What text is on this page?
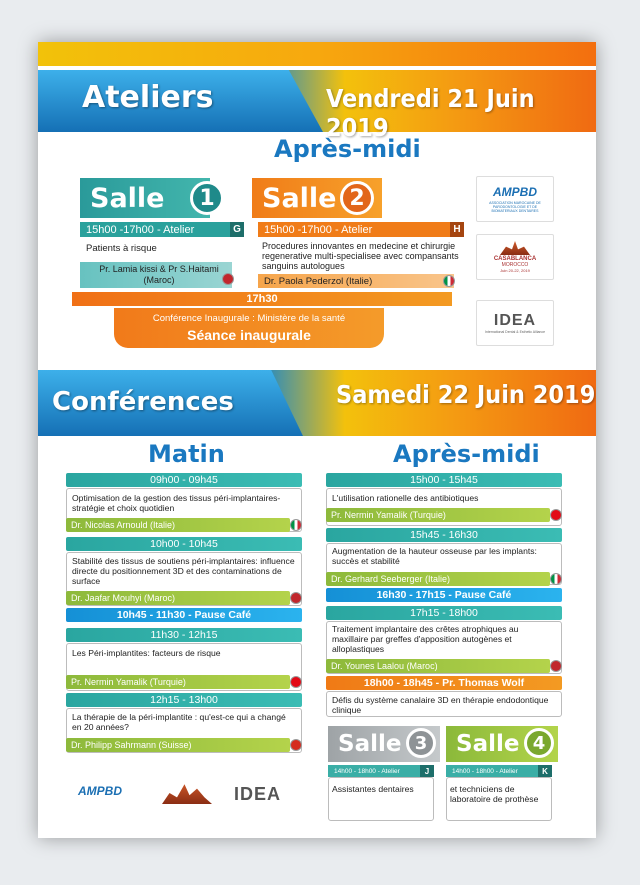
Ateliers	Vendredi 21 Juin 2019
Après-midi
Salle	1
15h00 -17h00 - Atelier	G
Patients à risque
Pr. Lamia kissi & Pr S.Haitami (Maroc)
Salle 2
15h00 -17h00 - Atelier	H
Procedures innovantes en medecine et chirurgie regenerative multi-specialisee avec compansants sanguins autologues
Dr. Paola Pederzol (Italie)
17h30
Conférence Inaugurale : Ministère de la santé
Séance inaugurale
AMPBD
ASSOCIATION MAROCAINE DE PARODONTOLOGIE ET DE BIOMATERIAUX DENTAIRES
CASABLANCA
MOROCCO
Juin 20-22, 2019
IDEA
International Dental & Esthetic Alliance
Conférences	Samedi 22 Juin 2019
Matin
09h00 - 09h45
Optimisation de la gestion des tissus péri-implantaires- stratégie et choix quotidien
Dr. Nicolas Arnould (Italie)
10h00 - 10h45
Stabilité des tissus de soutiens péri-implantaires: influence directe du positionnement 3D et des contaminations de surface
Dr. Jaafar Mouhyi (Maroc)
10h45 - 11h30 - Pause Café
11h30 - 12h15
Les Péri-implantites: facteurs de risque
Pr. Nermin Yamalik (Turquie)
12h15 - 13h00
La thérapie de la péri-implantite : qu'est-ce qui a changé en 20 années?
Dr. Philipp Sahrmann (Suisse)
AMPBD	IDEA
Après-midi
15h00 - 15h45
L'utilisation rationelle des antibiotiques
Pr. Nermin Yamalik (Turquie)
15h45 - 16h30
Augmentation de la hauteur osseuse par les implants: succès et stabilité
Dr. Gerhard Seeberger (Italie)
16h30 - 17h15 - Pause Café
17h15 - 18h00
Traitement implantaire des crêtes atrophiques au maxillaire par greffes d'apposition autogènes et alloplastiques
Dr. Younes Laalou (Maroc)
18h00 - 18h45 - Pr. Thomas Wolf
Défis du système canalaire 3D en thérapie endodontique clinique
Salle 3
14h00 - 18h00 - Atelier	J
Assistantes dentaires
Salle 4
14h00 - 18h00 - Atelier	K
et techniciens de laboratoire de prothèse
